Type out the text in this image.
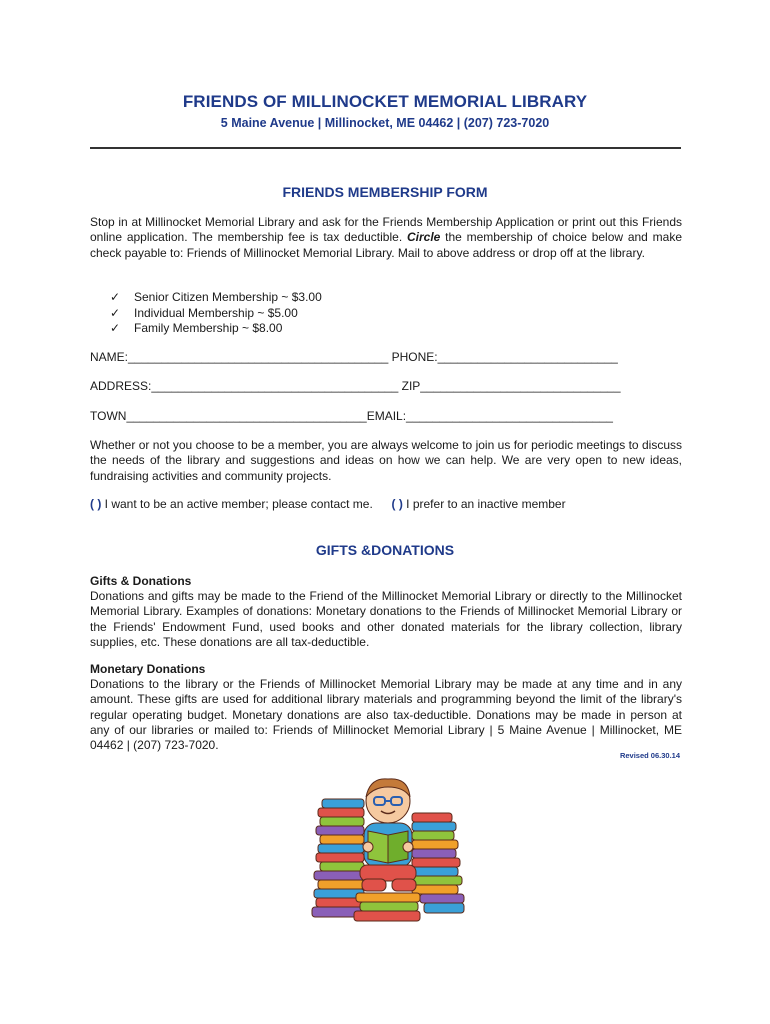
FRIENDS OF MILLINOCKET MEMORIAL LIBRARY
5 Maine Avenue | Millinocket, ME 04462 | (207) 723-7020
FRIENDS MEMBERSHIP FORM
Stop in at Millinocket Memorial Library and ask for the Friends Membership Application or print out this Friends online application. The membership fee is tax deductible. Circle the membership of choice below and make check payable to: Friends of Millinocket Memorial Library. Mail to above address or drop off at the library.
✓	Senior Citizen Membership ~ $3.00
✓	Individual Membership ~ $5.00
✓	Family Membership ~ $8.00
NAME:_______________________________________ PHONE:___________________________
ADDRESS:_____________________________________ ZIP______________________________
TOWN____________________________________EMAIL:_______________________________
Whether or not you choose to be a member, you are always welcome to join us for periodic meetings to discuss the needs of the library and suggestions and ideas on how we can help. We are very open to new ideas, fundraising activities and community projects.
( ) I want to be an active member; please contact me. ( ) I prefer to an inactive member
GIFTS &DONATIONS
Gifts & Donations
Donations and gifts may be made to the Friend of the Millinocket Memorial Library or directly to the Millinocket Memorial Library. Examples of donations: Monetary donations to the Friends of Millinocket Memorial Library or the Friends' Endowment Fund, used books and other donated materials for the library collection, library supplies, etc. These donations are all tax-deductible.
Monetary Donations
Donations to the library or the Friends of Millinocket Memorial Library may be made at any time and in any amount. These gifts are used for additional library materials and programming beyond the limit of the library's regular operating budget. Monetary donations are also tax-deductible. Donations may be made in person at any of our libraries or mailed to: Friends of Millinocket Memorial Library | 5 Maine Avenue | Millinocket, ME 04462 | (207) 723-7020.
Revised 06.30.14
